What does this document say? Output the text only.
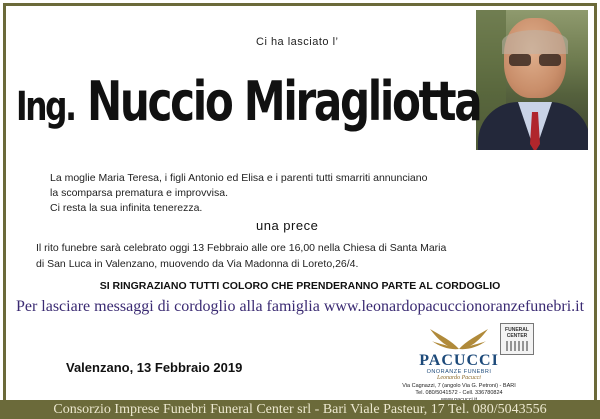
Ci ha lasciato l’
Ing. Nuccio Miragliotta
La moglie Maria Teresa, i figli Antonio ed Elisa e i parenti tutti smarriti annunciano
la scomparsa prematura e improvvisa.
Ci resta la sua infinita tenerezza.
una prece
Il rito funebre sarà celebrato oggi 13 Febbraio alle ore 16,00 nella Chiesa di Santa Maria
di San Luca in Valenzano, muovendo da Via Madonna di Loreto,26/4.
SI RINGRAZIANO TUTTI COLORO CHE PRENDERANNO PARTE AL CORDOGLIO
Per lasciare messaggi di cordoglio alla famiglia www.leonardopacuccionoranzefunebri.it
Valenzano, 13 Febbraio 2019	PACUCCI
ONORANZE FUNEBRI
Leonardo Pacucci
Via Cagnazzi, 7 (angolo Via G. Petroni) - BARI
Tel. 080/5041572 - Cell. 336780824
FUNERAL
CENTER
Consorzio Imprese Funebri Funeral Center srl - Bari Viale Pasteur, 17 Tel. 080/5043556
